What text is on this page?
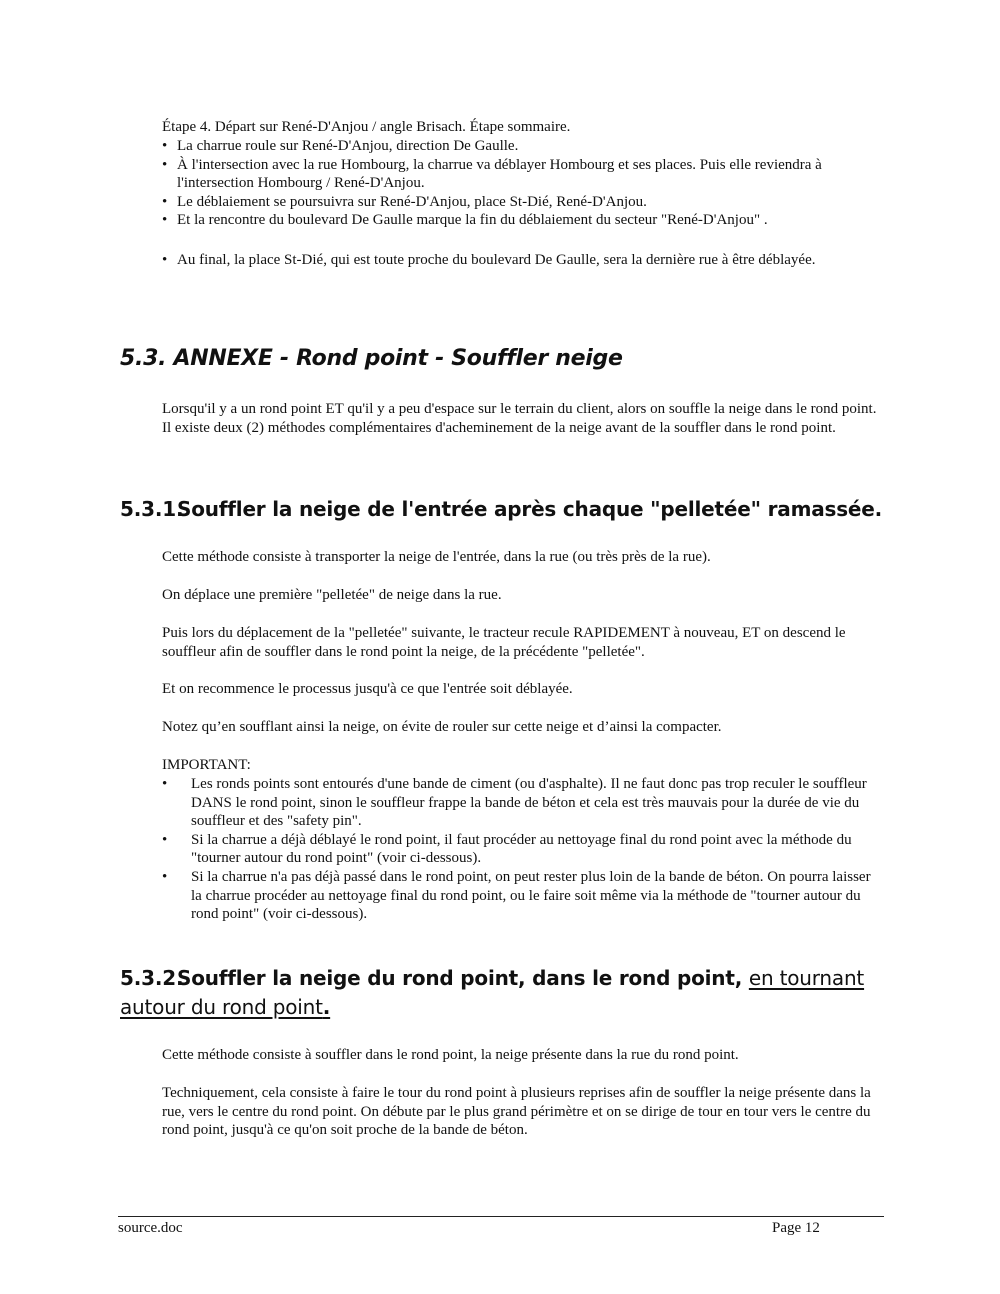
Étape 4. Départ sur René-D'Anjou / angle Brisach. Étape sommaire.

• La charrue roule sur René-D'Anjou, direction De Gaulle.
• À l'intersection avec la rue Hombourg, la charrue va déblayer Hombourg et ses places. Puis elle reviendra à l'intersection Hombourg / René-D'Anjou.
• Le déblaiement se poursuivra sur René-D'Anjou, place St-Dié, René-D'Anjou.
• Et la rencontre du boulevard De Gaulle marque la fin du déblaiement du secteur "René-D'Anjou" .
• Au final, la place St-Dié, qui est toute proche du boulevard De Gaulle, sera la dernière rue à être déblayée.
5.3. ANNEXE - Rond point - Souffler neige

Lorsqu'il y a un rond point ET qu'il y a peu d'espace sur le terrain du client, alors on souffle la neige dans le rond point. Il existe deux (2) méthodes complémentaires d'acheminement de la neige avant de la souffler dans le rond point.

5.3.1.Souffler la neige de l'entrée après chaque "pelletée" ramassée.

Cette méthode consiste à transporter la neige de l'entrée, dans la rue (ou très près de la rue).

On déplace une première "pelletée" de neige dans la rue.

Puis lors du déplacement de la "pelletée" suivante, le tracteur recule RAPIDEMENT à nouveau, ET on descend le souffleur afin de souffler dans le rond point la neige, de la précédente "pelletée".

Et on recommence le processus jusqu'à ce que l'entrée soit déblayée.

Notez qu’en soufflant ainsi la neige, on évite de rouler sur cette neige et d’ainsi la compacter.

IMPORTANT:

• Les ronds points sont entourés d'une bande de ciment (ou d'asphalte). Il ne faut donc pas trop reculer le souffleur DANS le rond point, sinon le souffleur frappe la bande de béton et cela est très mauvais pour la durée de vie du souffleur et des "safety pin".
• Si la charrue a déjà déblayé le rond point, il faut procéder au nettoyage final du rond point avec la méthode du "tourner autour du rond point" (voir ci-dessous).
• Si la charrue n'a pas déjà passé dans le rond point, on peut rester plus loin de la bande de béton. On pourra laisser la charrue procéder au nettoyage final du rond point, ou le faire soit même via la méthode de "tourner autour du rond point" (voir ci-dessous).
5.3.2.Souffler la neige du rond point, dans le rond point, en tournant autour du rond point.

Cette méthode consiste à souffler dans le rond point, la neige présente dans la rue du rond point.

Techniquement, cela consiste à faire le tour du rond point à plusieurs reprises afin de souffler la neige présente dans la rue, vers le centre du rond point. On débute par le plus grand périmètre et on se dirige de tour en tour vers le centre du rond point, jusqu'à ce qu'on soit proche de la bande de béton.

source.doc	Page 12
